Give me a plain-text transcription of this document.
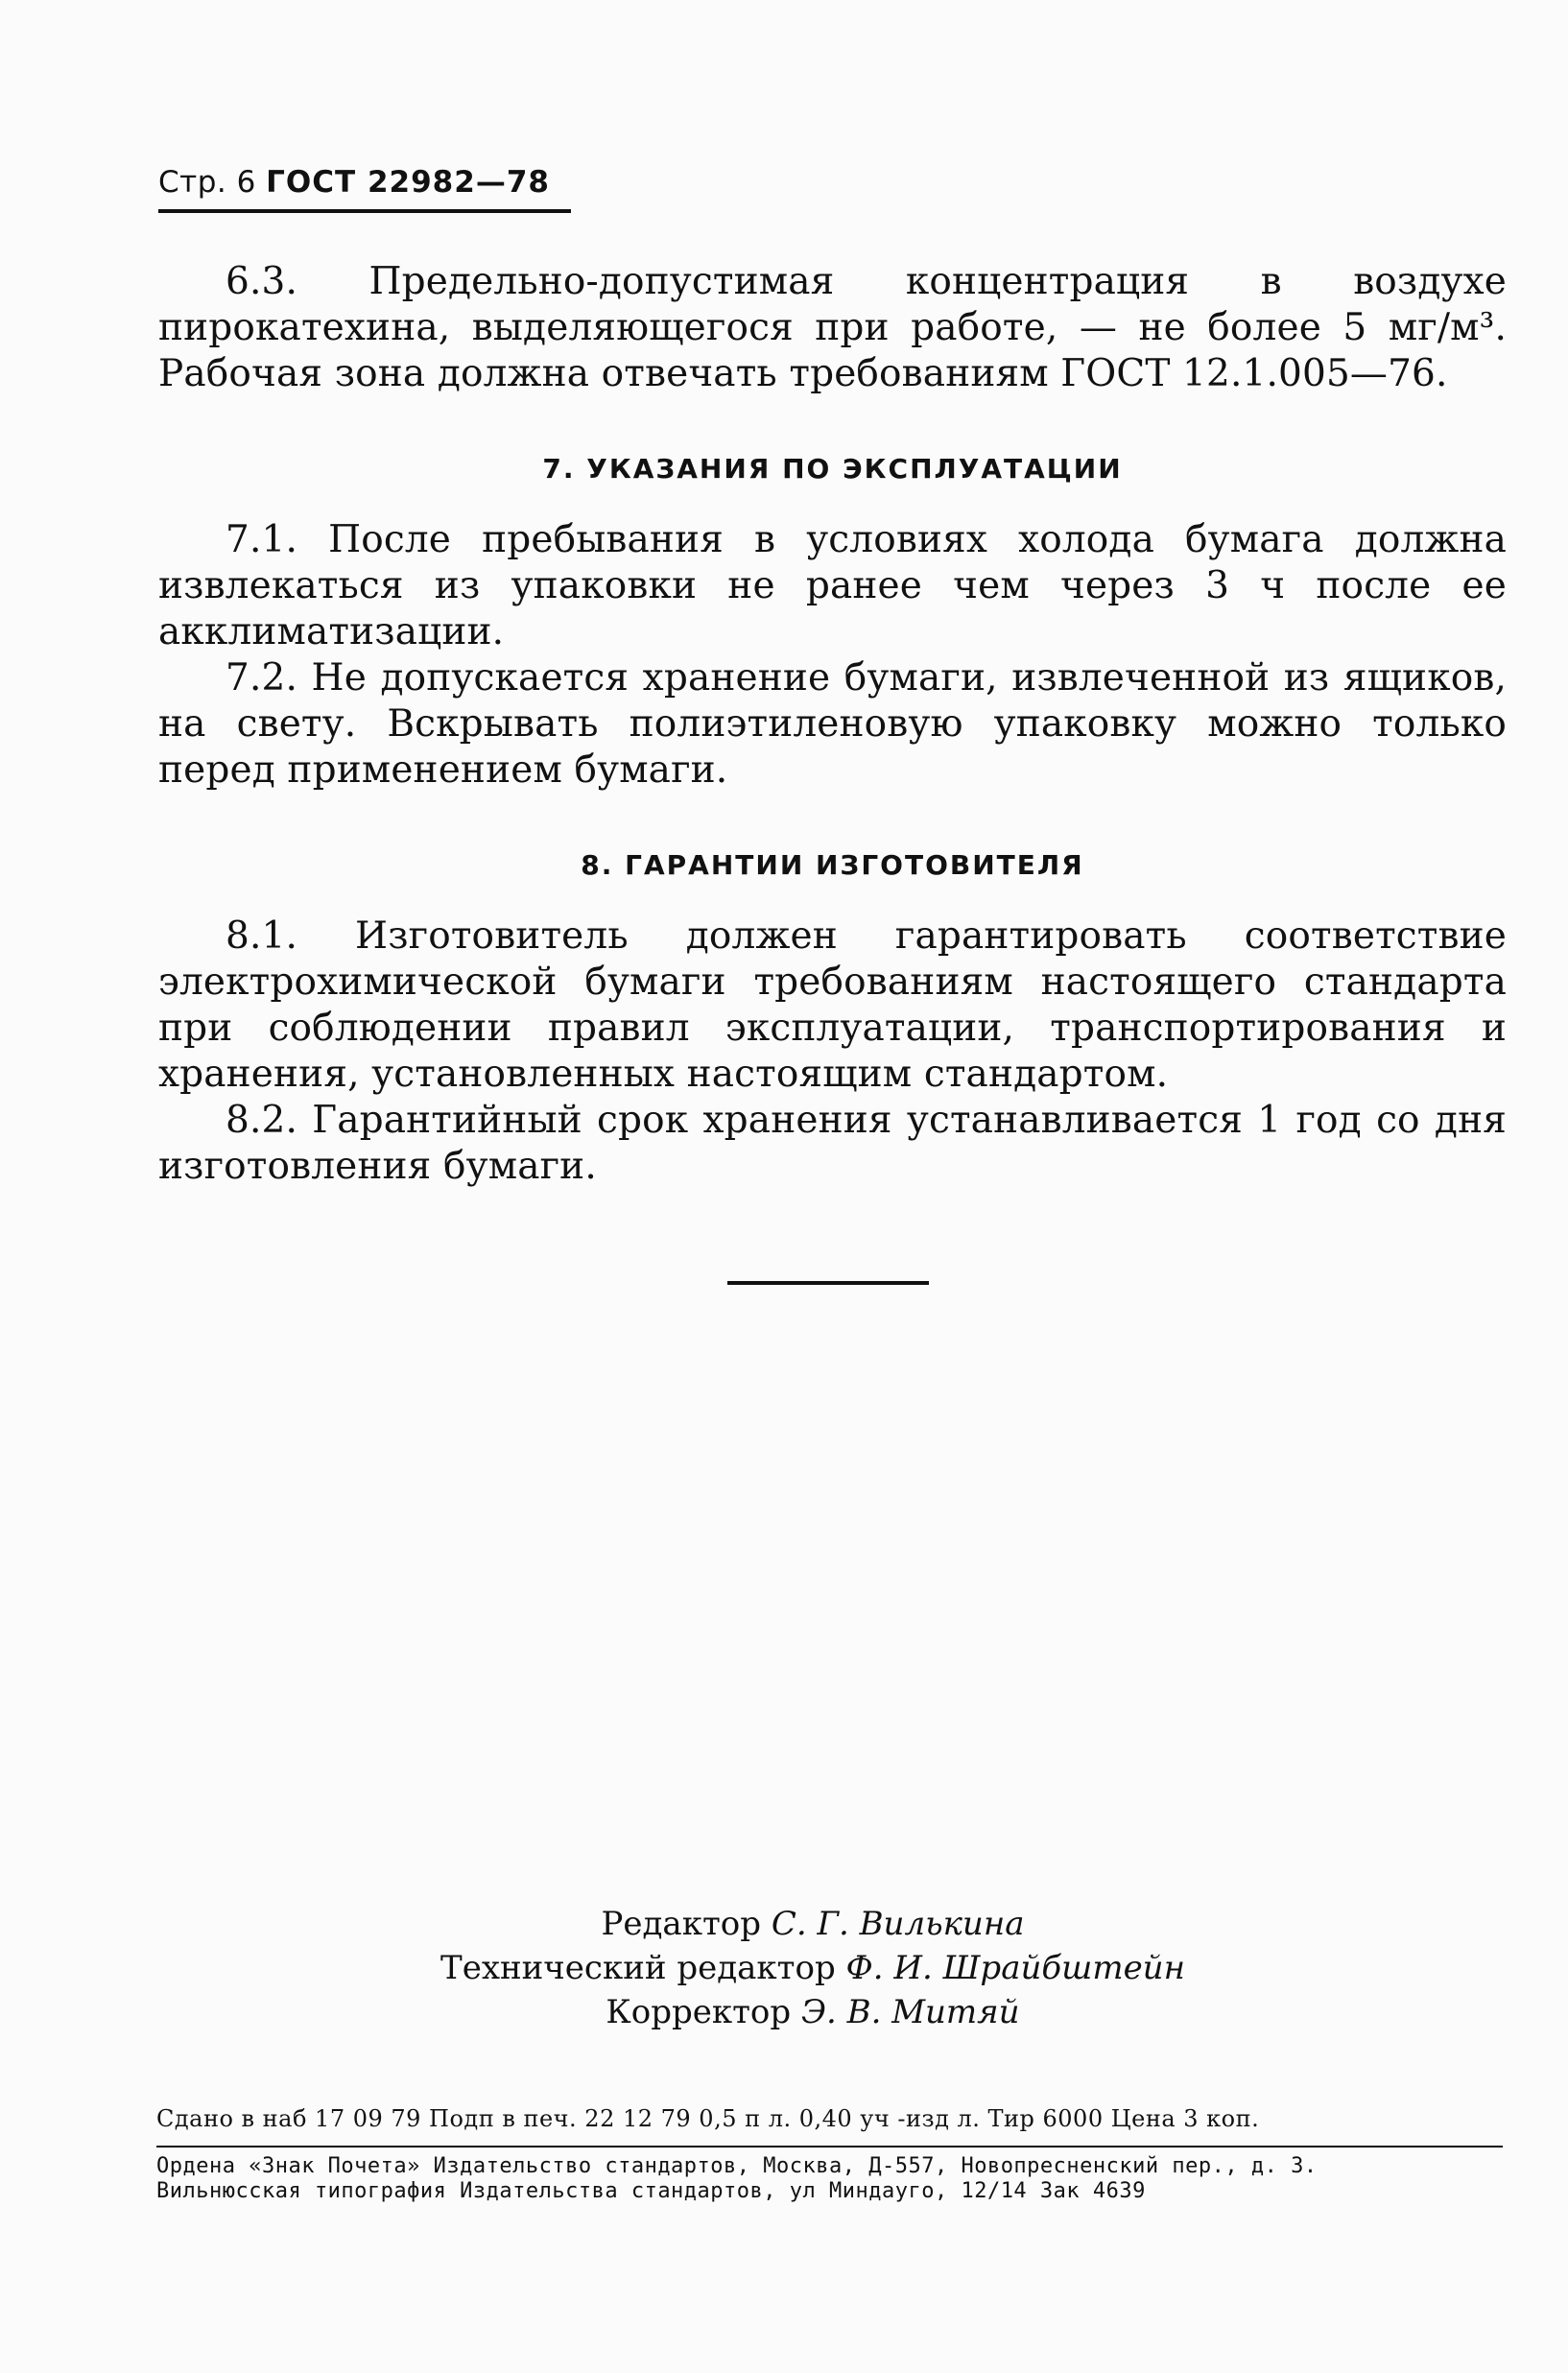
Стр. 6 ГОСТ 22982—78

6.3. Предельно-допустимая концентрация в воздухе пирокатехина, выделяющегося при работе, — не более 5 мг/м³. Рабочая зона должна отвечать требованиям ГОСТ 12.1.005—76.

7. УКАЗАНИЯ ПО ЭКСПЛУАТАЦИИ

7.1. После пребывания в условиях холода бумага должна извлекаться из упаковки не ранее чем через 3 ч после ее акклиматизации.

7.2. Не допускается хранение бумаги, извлеченной из ящиков, на свету. Вскрывать полиэтиленовую упаковку можно только перед применением бумаги.

8. ГАРАНТИИ ИЗГОТОВИТЕЛЯ

8.1. Изготовитель должен гарантировать соответствие электрохимической бумаги требованиям настоящего стандарта при соблюдении правил эксплуатации, транспортирования и хранения, установленных настоящим стандартом.

8.2. Гарантийный срок хранения устанавливается 1 год со дня изготовления бумаги.

Редактор С. Г. Вилькина
Технический редактор Ф. И. Шрайбштейн
Корректор Э. В. Митяй
Сдано в наб 17 09 79 Подп в печ. 22 12 79 0,5 п л. 0,40 уч -изд л. Тир 6000 Цена 3 коп.
Ордена «Знак Почета» Издательство стандартов, Москва, Д-557, Новопресненский пер., д. 3.
Вильнюсская типография Издательства стандартов, ул Миндауго, 12/14 Зак 4639
